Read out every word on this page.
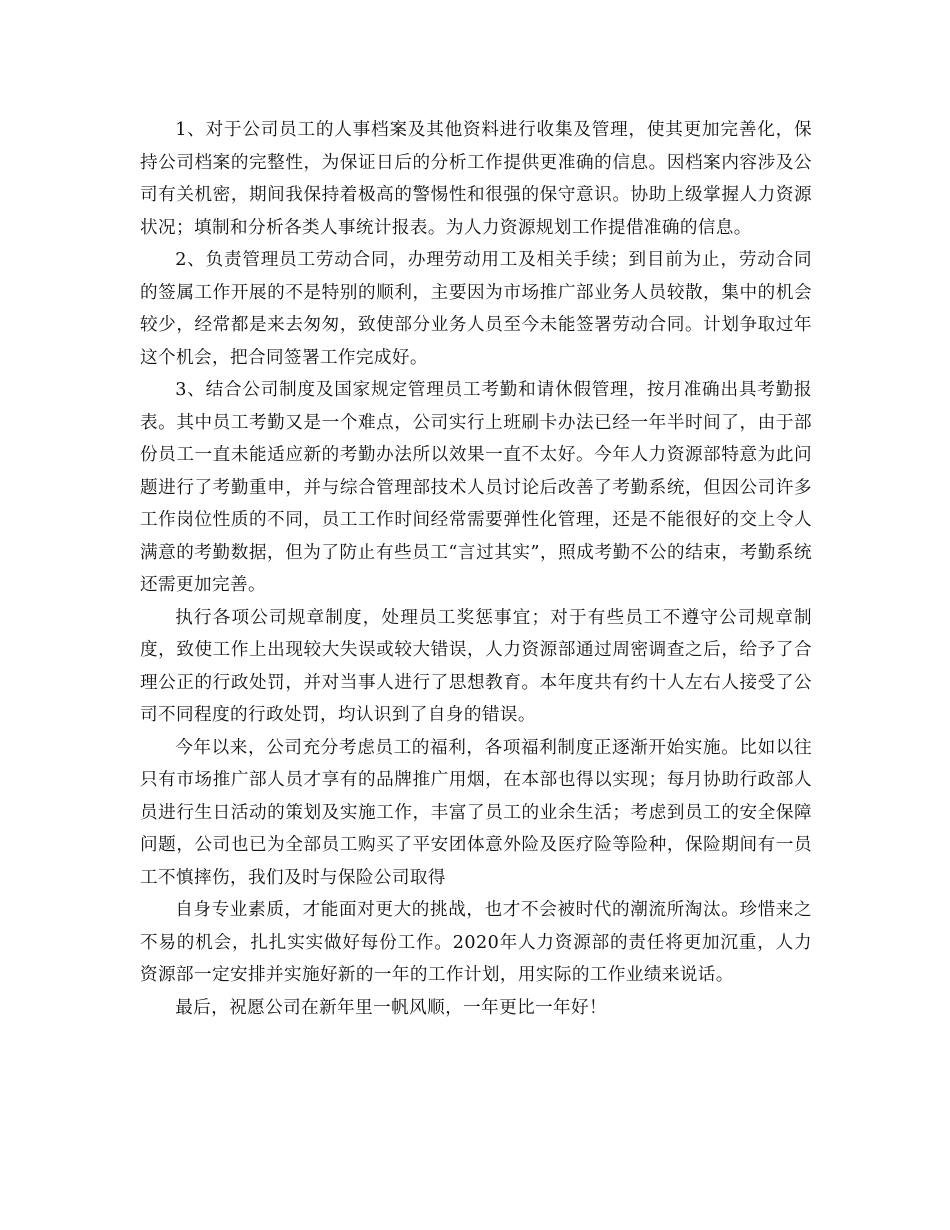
1、对于公司员工的人事档案及其他资料进行收集及管理，使其更加完善化，保持公司档案的完整性，为保证日后的分析工作提供更准确的信息。因档案内容涉及公司有关机密，期间我保持着极高的警惕性和很强的保守意识。协助上级掌握人力资源状况；填制和分析各类人事统计报表。为人力资源规划工作提借准确的信息。

2、负责管理员工劳动合同，办理劳动用工及相关手续；到目前为止，劳动合同的签属工作开展的不是特别的顺利，主要因为市场推广部业务人员较散，集中的机会较少，经常都是来去匆匆，致使部分业务人员至今未能签署劳动合同。计划争取过年这个机会，把合同签署工作完成好。

3、结合公司制度及国家规定管理员工考勤和请休假管理，按月准确出具考勤报表。其中员工考勤又是一个难点，公司实行上班刷卡办法已经一年半时间了，由于部份员工一直未能适应新的考勤办法所以效果一直不太好。今年人力资源部特意为此问题进行了考勤重申，并与综合管理部技术人员讨论后改善了考勤系统，但因公司许多工作岗位性质的不同，员工工作时间经常需要弹性化管理，还是不能很好的交上令人满意的考勤数据，但为了防止有些员工“言过其实”，照成考勤不公的结束，考勤系统还需更加完善。

执行各项公司规章制度，处理员工奖惩事宜；对于有些员工不遵守公司规章制度，致使工作上出现较大失误或较大错误，人力资源部通过周密调查之后，给予了合理公正的行政处罚，并对当事人进行了思想教育。本年度共有约十人左右人接受了公司不同程度的行政处罚，均认识到了自身的错误。

今年以来，公司充分考虑员工的福利，各项福利制度正逐渐开始实施。比如以往只有市场推广部人员才享有的品牌推广用烟，在本部也得以实现；每月协助行政部人员进行生日活动的策划及实施工作，丰富了员工的业余生活；考虑到员工的安全保障问题，公司也已为全部员工购买了平安团体意外险及医疗险等险种，保险期间有一员工不慎摔伤，我们及时与保险公司取得

自身专业素质，才能面对更大的挑战，也才不会被时代的潮流所淘汰。珍惜来之不易的机会，扎扎实实做好每份工作。2020年人力资源部的责任将更加沉重，人力资源部一定安排并实施好新的一年的工作计划，用实际的工作业绩来说话。

最后，祝愿公司在新年里一帆风顺，一年更比一年好！
